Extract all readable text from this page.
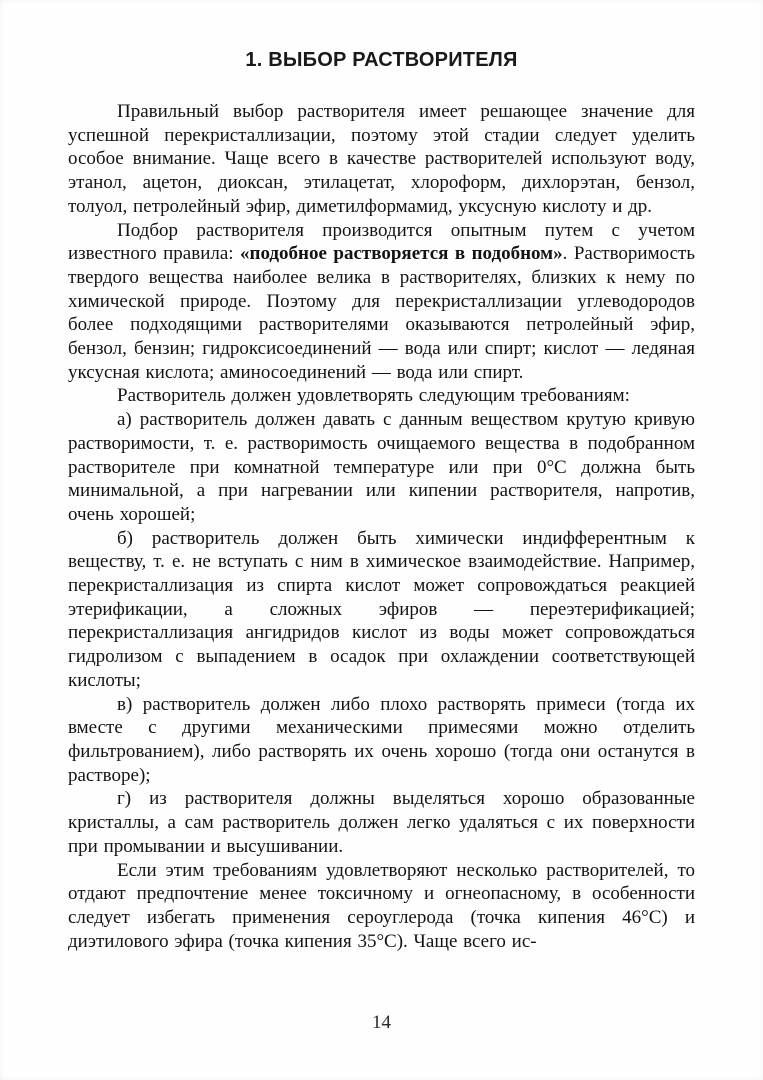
1. ВЫБОР РАСТВОРИТЕЛЯ

Правильный выбор растворителя имеет решающее значение для успешной перекристаллизации, поэтому этой стадии следует уделить особое внимание. Чаще всего в качестве растворителей используют воду, этанол, ацетон, диоксан, этилацетат, хлороформ, дихлорэтан, бензол, толуол, петролейный эфир, диметилформамид, уксусную кислоту и др.

Подбор растворителя производится опытным путем с учетом известного правила: «подобное растворяется в подобном». Растворимость твердого вещества наиболее велика в растворителях, близких к нему по химической природе. Поэтому для перекристаллизации углеводородов более подходящими растворителями оказываются петролейный эфир, бензол, бензин; гидроксисоединений — вода или спирт; кислот — ледяная уксусная кислота; аминосоединений — вода или спирт.

Растворитель должен удовлетворять следующим требованиям:

а) растворитель должен давать с данным веществом крутую кривую растворимости, т. е. растворимость очищаемого вещества в подобранном растворителе при комнатной температуре или при 0°С должна быть минимальной, а при нагревании или кипении растворителя, напротив, очень хорошей;

б) растворитель должен быть химически индифферентным к веществу, т. е. не вступать с ним в химическое взаимодействие. Например, перекристаллизация из спирта кислот может сопровождаться реакцией этерификации, а сложных эфиров — переэтерификацией; перекристаллизация ангидридов кислот из воды может сопровождаться гидролизом с выпадением в осадок при охлаждении соответствующей кислоты;

в) растворитель должен либо плохо растворять примеси (тогда их вместе с другими механическими примесями можно отделить фильтрованием), либо растворять их очень хорошо (тогда они останутся в растворе);

г) из растворителя должны выделяться хорошо образованные кристаллы, а сам растворитель должен легко удаляться с их поверхности при промывании и высушивании.

Если этим требованиям удовлетворяют несколько растворителей, то отдают предпочтение менее токсичному и огнеопасному, в особенности следует избегать применения сероуглерода (точка кипения 46°С) и диэтилового эфира (точка кипения 35°С). Чаще всего ис-

14
